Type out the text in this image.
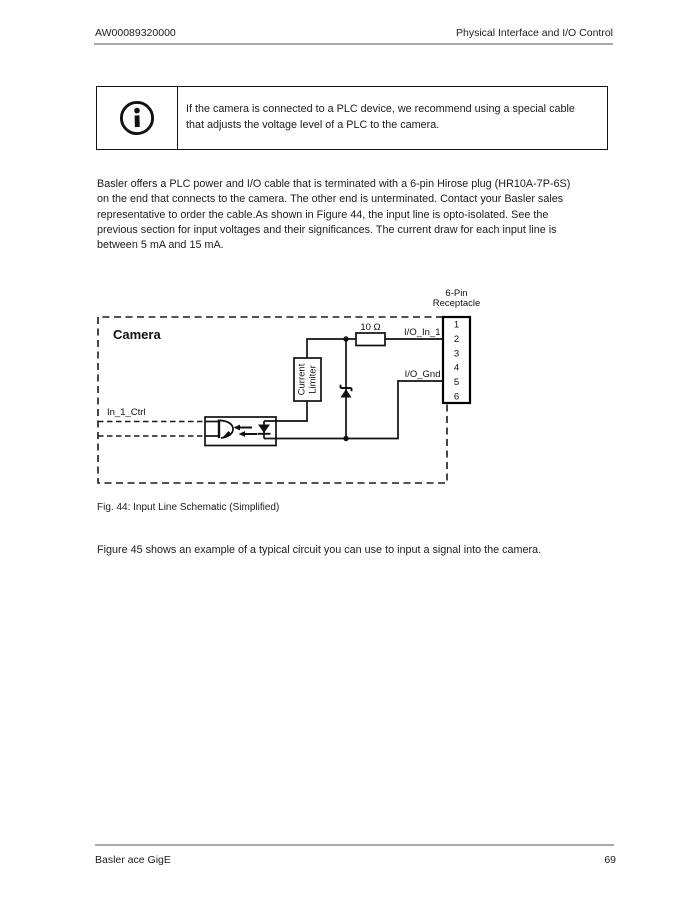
AW00089320000	Physical Interface and I/O Control
If the camera is connected to a PLC device, we recommend using a special cable
that adjusts the voltage level of a PLC to the camera.
Basler offers a PLC power and I/O cable that is terminated with a 6-pin Hirose plug (HR10A-7P-6S)
on the end that connects to the camera. The other end is unterminated. Contact your Basler sales
representative to order the cable.As shown in Figure 44, the input line is opto-isolated. See the
previous section for input voltages and their significances. The current draw for each input line is
between 5 mA and 15 mA.
Camera
6-Pin
Receptacle
1
2
3
4
5
6
10 Ω I/O_In_1
I/O_Gnd
Current Limiter
In_1_Ctrl
Fig. 44: Input Line Schematic (Simplified)
Figure 45 shows an example of a typical circuit you can use to input a signal into the camera.
Basler ace GigE	69
